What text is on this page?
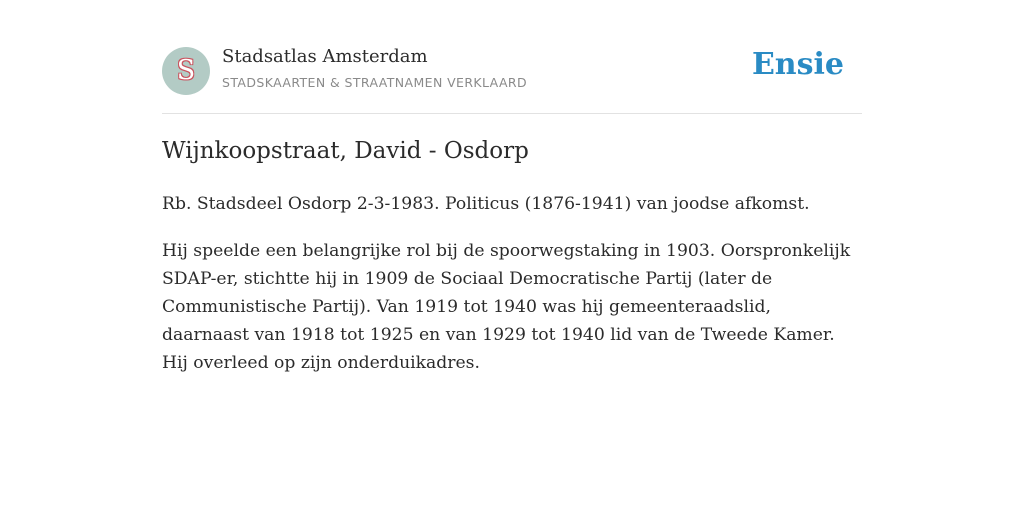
S Stadsatlas Amsterdam
STADSKAARTEN & STRAATNAMEN VERKLAARD
Ensie
Wijnkoopstraat, David - Osdorp

Rb. Stadsdeel Osdorp 2-3-1983. Politicus (1876-1941) van joodse afkomst.

Hij speelde een belangrijke rol bij de spoorwegstaking in 1903. Oorspronkelijk SDAP-er, stichtte hij in 1909 de Sociaal Democratische Partij (later de Communistische Partij). Van 1919 tot 1940 was hij gemeenteraadslid, daarnaast van 1918 tot 1925 en van 1929 tot 1940 lid van de Tweede Kamer. Hij overleed op zijn onderduikadres.
